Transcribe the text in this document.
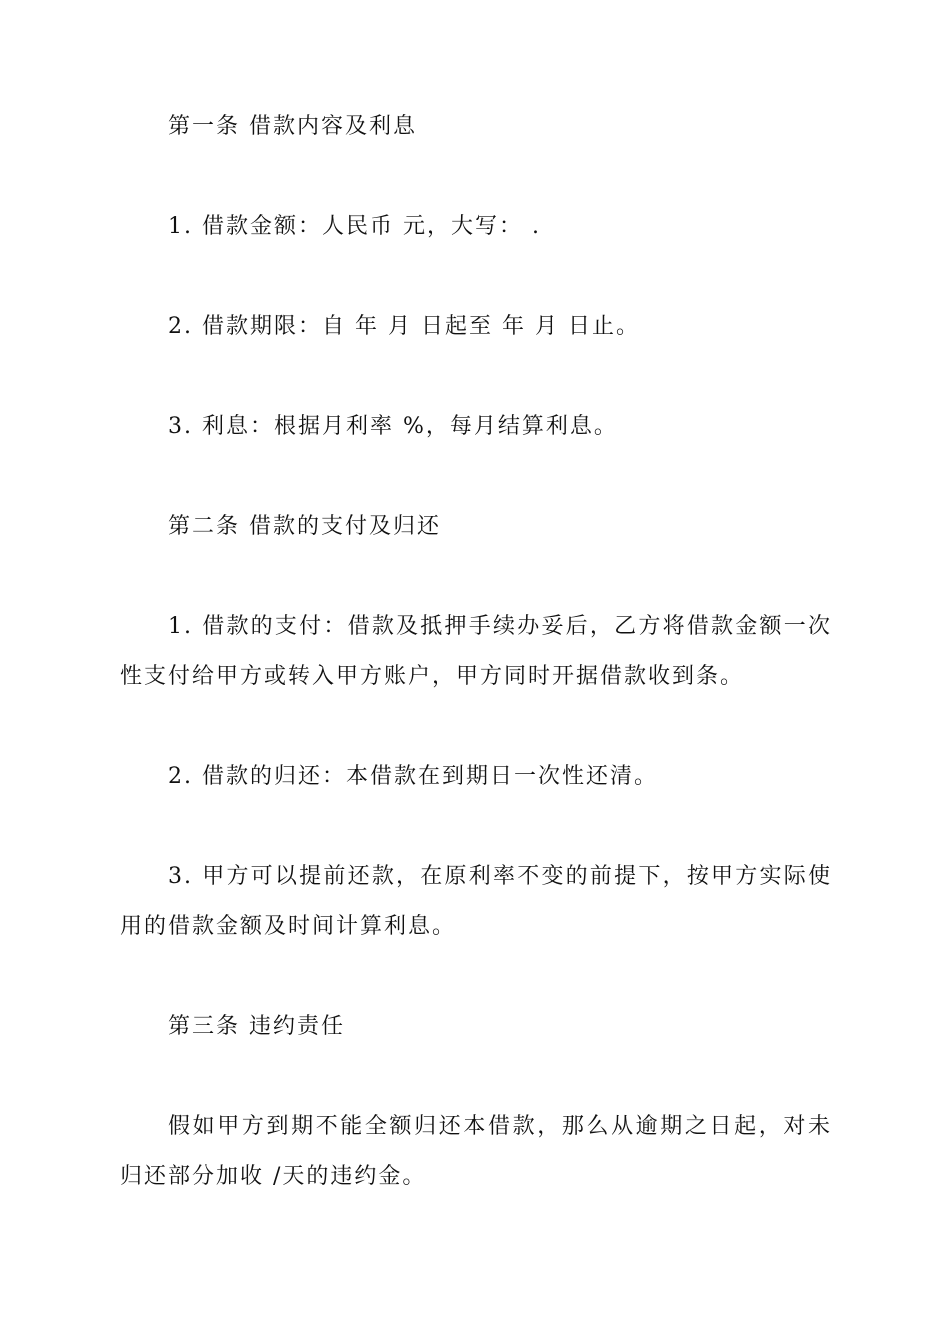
第一条 借款内容及利息

1. 借款金额：人民币 元，大写： .

2. 借款期限：自 年 月 日起至 年 月 日止。

3. 利息：根据月利率 %，每月结算利息。

第二条 借款的支付及归还

1. 借款的支付：借款及抵押手续办妥后，乙方将借款金额一次性支付给甲方或转入甲方账户，甲方同时开据借款收到条。

2. 借款的归还：本借款在到期日一次性还清。

3. 甲方可以提前还款，在原利率不变的前提下，按甲方实际使用的借款金额及时间计算利息。

第三条 违约责任

假如甲方到期不能全额归还本借款，那么从逾期之日起，对未归还部分加收 /天的违约金。
